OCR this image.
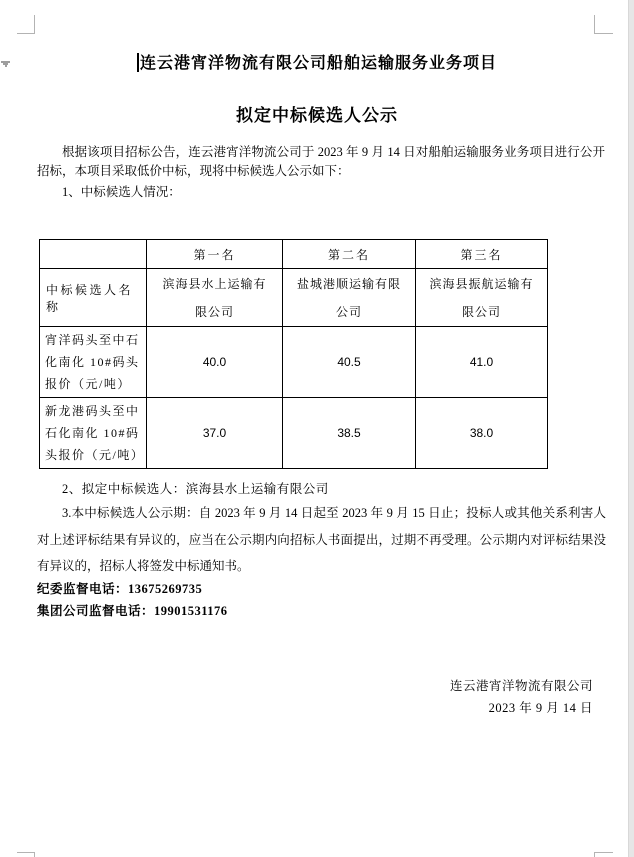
连云港宵洋物流有限公司船舶运输服务业务项目
拟定中标候选人公示
根据该项目招标公告，连云港宵洋物流公司于 2023 年 9 月 14 日对船舶运输服务业务项目进行公开招标，本项目采取低价中标，现将中标候选人公示如下：
1、中标候选人情况：
	第一名	第二名	第三名
中标候选人名称	滨海县水上运输有限公司	盐城港顺运输有限公司	滨海县振航运输有限公司
宵洋码头至中石化南化 10#码头报价（元/吨）	40.0	40.5	41.0
新龙港码头至中石化南化 10#码头报价（元/吨）	37.0	38.5	38.0
2、拟定中标候选人：滨海县水上运输有限公司
3.本中标候选人公示期：自 2023 年 9 月 14 日起至 2023 年 9 月 15 日止；投标人或其他关系利害人对上述评标结果有异议的，应当在公示期内向招标人书面提出，过期不再受理。公示期内对评标结果没有异议的，招标人将签发中标通知书。
纪委监督电话：13675269735
集团公司监督电话：19901531176
连云港宵洋物流有限公司
2023 年 9 月 14 日
